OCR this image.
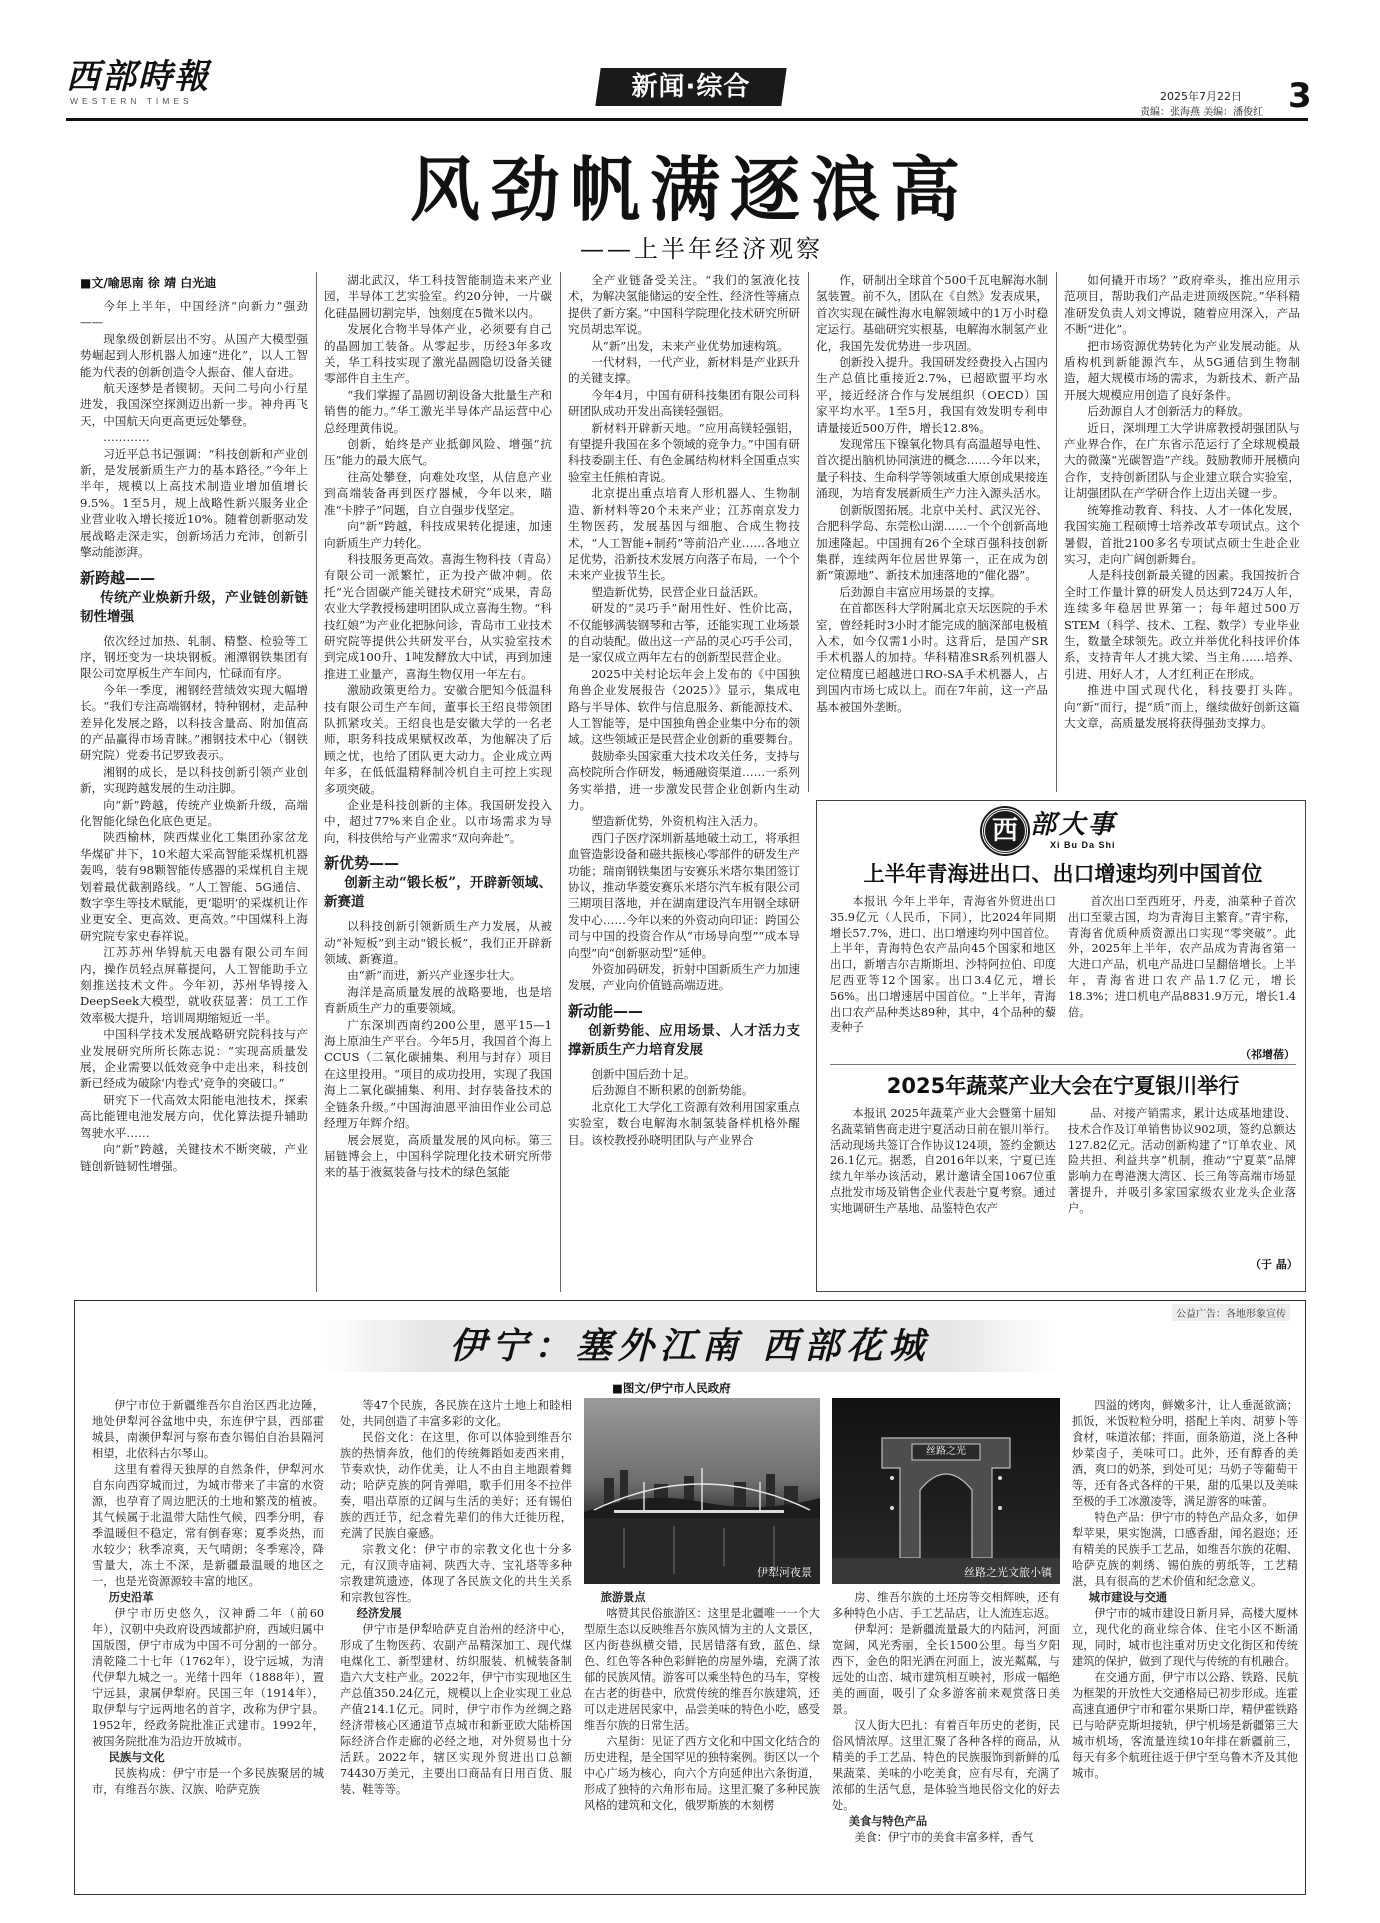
西部時報
WESTERN TIMES	新闻·综合	2025年7月22日
责编：张海燕 美编：潘俊红 3
风劲帆满逐浪高
——上半年经济观察
■文/喻思南 徐 靖 白光迪

今年上半年，中国经济“向新力”强劲——

现象级创新层出不穷。从国产大模型强势崛起到人形机器人加速“进化”，以人工智能为代表的创新创造令人振奋、催人奋进。

航天逐梦是者锲韧。天问二号向小行星进发，我国深空探测迈出新一步。神舟再飞天，中国航天向更高更远处攀登。

…………

习近平总书记强调：“科技创新和产业创新，是发展新质生产力的基本路径。”今年上半年，规模以上高技术制造业增加值增长9.5%。1至5月，规上战略性新兴服务业企业营业收入增长接近10%。随着创新驱动发展战略走深走实，创新场活力充沛，创新引擎动能澎湃。

新跨越——
传统产业焕新升级，产业链创新链韧性增强

依次经过加热、轧制、精整、检验等工序，钢坯变为一块块钢板。湘潭钢铁集团有限公司宽厚板生产车间内，忙碌而有序。

今年一季度，湘钢经营绩效实现大幅增长。“我们专注高端钢材，特种钢材，走品种差异化发展之路，以科技含量高、附加值高的产品赢得市场青睐。”湘钢技术中心（钢铁研究院）党委书记罗致表示。

湘钢的成长，是以科技创新引领产业创新，实现跨越发展的生动注脚。

向“新”跨越，传统产业焕新升级，高端化智能化绿色化底色更足。

陕西榆林，陕西煤业化工集团孙家岔龙华煤矿井下，10米超大采高智能采煤机机器轰鸣，装有98颗智能传感器的采煤机自主规划着最优截割路线。“人工智能、5G通信、数字孪生等技术赋能，更‘聪明’的采煤机让作业更安全、更高效、更高效。”中国煤科上海研究院专家史春祥说。

江苏苏州华锝航天电器有限公司车间内，操作员轻点屏幕提问，人工智能助手立刻推送技术文件。今年初，苏州华锝接入DeepSeek大模型，就收获显著：员工工作效率极大提升，培训周期缩短近一半。

中国科学技术发展战略研究院科技与产业发展研究所所长陈志说：“实现高质量发展，企业需要以低效竞争中走出来，科技创新已经成为破除‘内卷式’竞争的突破口。”

研究下一代高效太阳能电池技术，探索高比能锂电池发展方向，优化算法提升辅助驾驶水平……

向“新”跨越，关键技术不断突破，产业链创新链韧性增强。

湖北武汉，华工科技智能制造未来产业园，半导体工艺实验室。约20分钟，一片碳化硅晶圆切割完毕，蚀刻度在5微米以内。

发展化合物半导体产业，必须要有自己的晶圆加工装备。从零起步，历经3年多攻关，华工科技实现了激光晶圆隐切设备关键零部件自主生产。

“我们掌握了晶圆切割设备大批量生产和销售的能力。”华工激光半导体产品运营中心总经理黄伟说。

创新，始终是产业抵御风险、增强“抗压”能力的最大底气。

往高处攀登，向难处攻坚，从信息产业到高端装备再到医疗器械，今年以来，瞄准“卡脖子”问题，自立自强步伐坚定。

向“新”跨越，科技成果转化提速，加速向新质生产力转化。

科技服务更高效。喜海生物科技（青岛）有限公司一派繁忙，正为投产做冲刺。依托“光合固碳产能关键技术研究”成果，青岛农业大学教授杨建明团队成立喜海生物。“科技红娘”为产业化把脉问诊，青岛市工业技术研究院等提供公共研发平台，从实验室技术到完成100升、1吨发酵放大中试，再到加速推进工业量产，喜海生物仅用一年左右。

激励政策更给力。安徽合肥知今低温科技有限公司生产车间，董事长王绍良带领团队抓紧攻关。王绍良也是安徽大学的一名老师，职务科技成果赋权改革，为他解决了后顾之忧，也给了团队更大动力。企业成立两年多，在低低温精释制冷机自主可控上实现多项突破。

企业是科技创新的主体。我国研发投入中，超过77%来自企业。以市场需求为导向，科技供给与产业需求“双向奔赴”。

新优势——
创新主动“锻长板”，开辟新领域、新赛道

以科技创新引领新质生产力发展，从被动“补短板”到主动“锻长板”，我们正开辟新领域、新赛道。

由“新”而进，新兴产业逐步壮大。

海洋是高质量发展的战略要地，也是培育新质生产力的重要领域。

广东深圳西南约200公里，恩平15—1海上原油生产平台。今年5月，我国首个海上CCUS（二氧化碳捕集、利用与封存）项目在这里投用。“项目的成功投用，实现了我国海上二氧化碳捕集、利用、封存装备技术的全链条升级。”中国海油恩平油田作业公司总经理万年辉介绍。

展会展览，高质量发展的风向标。第三届链博会上，中国科学院理化技术研究所带来的基于液氦装备与技术的绿色氢能

全产业链备受关注。“我们的氢液化技术，为解决氢能储运的安全性、经济性等痛点提供了新方案。”中国科学院理化技术研究所研究员胡忠军说。

从“新”出发，未来产业优势加速构筑。

一代材料，一代产业，新材料是产业跃升的关键支撑。

今年4月，中国有研科技集团有限公司科研团队成功开发出高镁轻强铝。

新材料开辟新天地。“应用高镁轻强铝，有望提升我国在多个领域的竞争力。”中国有研科技委副主任、有色金属结构材料全国重点实验室主任熊柏青说。

北京提出重点培育人形机器人、生物制造、新材料等20个未来产业；江苏南京发力生物医药，发展基因与细胞、合成生物技术，“人工智能+制药”等前沿产业……各地立足优势，沿新技术发展方向落子布局，一个个未来产业拔节生长。

塑造新优势，民营企业日益活跃。

研发的“灵巧手”耐用性好、性价比高，不仅能够满装钢琴和古筝，还能实现工业场景的自动装配。做出这一产品的灵心巧手公司，是一家仅成立两年左右的创新型民营企业。

2025中关村论坛年会上发布的《中国独角兽企业发展报告（2025）》显示，集成电路与半导体、软件与信息服务、新能源技术、人工智能等，是中国独角兽企业集中分布的领域。这些领域正是民营企业创新的重要舞台。

鼓励牵头国家重大技术攻关任务，支持与高校院所合作研发，畅通融资渠道……一系列务实举措，进一步激发民营企业创新内生动力。

塑造新优势，外资机构注入活力。

西门子医疗深圳新基地破土动工，将承担血管造影设备和磁共振核心零部件的研发生产功能；瑞南钢铁集团与安赛乐米塔尔集团签订协议，推动华菱安赛乐米塔尔汽车板有限公司三期项目落地，并在湖南建设汽车用钢全球研发中心……今年以来的外资动向印证：跨国公司与中国的投资合作从“市场导向型”“成本导向型”向“创新驱动型”延伸。

外资加码研发，折射中国新质生产力加速发展，产业向价值链高端迈进。

新动能——
创新势能、应用场景、人才活力支撑新质生产力培育发展

创新中国后劲十足。

后劲源自不断积累的创新势能。

北京化工大学化工资源有效利用国家重点实验室，数台电解海水制氢装备样机格外醒目。该校教授孙晓明团队与产业界合

作，研制出全球首个500千瓦电解海水制氢装置。前不久，团队在《自然》发表成果，首次实现在碱性海水电解领域中的1万小时稳定运行。基础研究实根基，电解海水制氢产业化，我国先发优势进一步巩固。

创新投入提升。我国研发经费投入占国内生产总值比重接近2.7%，已超欧盟平均水平，接近经济合作与发展组织（OECD）国家平均水平。1至5月，我国有效发明专利申请量接近500万件，增长12.8%。

发现常压下镍氧化物具有高温超导电性、首次提出脑机协同演进的概念……今年以来，量子科技、生命科学等领域重大原创成果接连涌现，为培育发展新质生产力注入源头活水。

创新版图拓展。北京中关村、武汉光谷、合肥科学岛、东莞松山湖……一个个创新高地加速隆起。中国拥有26个全球百强科技创新集群，连续两年位居世界第一，正在成为创新“策源地”、新技术加速落地的“催化器”。

后劲源自丰富应用场景的支撑。

在首都医科大学附属北京天坛医院的手术室，曾经耗时3小时才能完成的脑深部电极植入术，如今仅需1小时。这背后，是国产SR手术机器人的加持。华科精准SR系列机器人定位精度已超越进口RO-SA手术机器人，占到国内市场七成以上。而在7年前，这一产品基本被国外垄断。

如何撬开市场？”政府牵头，推出应用示范项目，帮助我们产品走进顶级医院。”华科精准研发负责人刘文博说，随着应用深入，产品不断“进化”。

把市场资源优势转化为产业发展动能。从盾构机到新能源汽车，从5G通信到生物制造，超大规模市场的需求，为新技术、新产品开展大规模应用创造了良好条件。

后劲源自人才创新活力的释放。

近日，深圳理工大学讲席教授胡强团队与产业界合作，在广东省示范运行了全球规模最大的微藻“光碳智造”产线。鼓励教师开展横向合作，支持创新团队与企业建立联合实验室，让胡强团队在产学研合作上迈出关键一步。

统筹推动教育、科技、人才一体化发展，我国实施工程硕博士培养改革专项试点。这个暑假，首批2100多名专项试点硕士生赴企业实习，走向广阔创新舞台。

人是科技创新最关键的因素。我国按折合全时工作量计算的研发人员达到724万人年，连续多年稳居世界第一；每年超过500万STEM（科学、技术、工程、数学）专业毕业生，数量全球领先。政立并举优化科技评价体系，支持青年人才挑大梁、当主角……培养、引进、用好人才，人才红利正在形成。

推进中国式现代化，科技要打头阵。向“新”而行，提“质”而上，继续做好创新这篇大文章，高质量发展将获得强劲支撑力。

西 部大事
Xi Bu Da Shi
上半年青海进出口、出口增速均列中国首位

本报讯 今年上半年，青海省外贸进出口35.9亿元（人民币，下同），比2024年同期增长57.7%，进口、出口增速均列中国首位。上半年，青海特色农产品向45个国家和地区出口，新增吉尔吉斯斯坦、沙特阿拉伯、印度尼西亚等12个国家。出口3.4亿元，增长56%。出口增速居中国首位。“上半年，青海出口农产品种类达89种，其中，4个品种的藜麦种子

首次出口至西班牙，丹麦，油菜种子首次出口至蒙古国，均为青海目主繁育。”青宇称，青海省优质种质资源出口实现“零突破”。此外，2025年上半年，农产品成为青海省第一大进口产品，机电产品进口呈翻倍增长。上半年，青海省进口农产品1.7亿元，增长18.3%；进口机电产品8831.9万元，增长1.4倍。

（祁增蓓）
2025年蔬菜产业大会在宁夏银川举行

本报讯 2025年蔬菜产业大会暨第十届知名蔬菜销售商走进宁夏活动日前在银川举行。活动现场共签订合作协议124项，签约金额达26.1亿元。据悉，自2016年以来，宁夏已连续九年举办该活动，累计邀请全国1067位重点批发市场及销售企业代表赴宁夏考察。通过实地调研生产基地、品鉴特色农产

品、对接产销需求，累计达成基地建设、技术合作及订单销售协议902项，签约总额达127.82亿元。活动创新构建了“订单农业、风险共担、利益共享”机制，推动“宁夏菜”品牌影响力在粤港澳大湾区、长三角等高端市场显著提升，并吸引多家国家级农业龙头企业落户。

（于 晶）
公益广告：各地形象宣传
伊宁：塞外江南 西部花城
■图文/伊宁市人民政府

伊宁市位于新疆维吾尔自治区西北边陲，地处伊犁河谷盆地中央，东连伊宁县，西部霍城县，南濒伊犁河与察布查尔锡伯自治县隔河相望，北依科古尔琴山。

这里有着得天独厚的自然条件，伊犁河水自东向西穿城而过，为城市带来了丰富的水资源，也孕育了周边肥沃的土地和繁茂的植被。其气候属于北温带大陆性气候，四季分明，春季温暖但不稳定，常有倒春寒；夏季炎热，而水较少；秋季凉爽，天气晴朗；冬季寒冷，降雪量大，冻土不深，是新疆最温暖的地区之一，也是光资源源较丰富的地区。

历史沿革

伊宁市历史悠久，汉神爵二年（前60年），汉朝中央政府设西域都护府，西域归属中国版图，伊宁市成为中国不可分割的一部分。清乾隆二十七年（1762年），设宁远城，为清代伊犁九城之一。光绪十四年（1888年），置宁远县，隶属伊犁府。民国三年（1914年），取伊犁与宁远两地名的首字，改称为伊宁县。1952年，经政务院批准正式建市。1992年，被国务院批准为沿边开放城市。

民族与文化

民族构成：伊宁市是一个多民族聚居的城市，有维吾尔族、汉族、哈萨克族

等47个民族，各民族在这片土地上和睦相处，共同创造了丰富多彩的文化。

民俗文化：在这里，你可以体验到维吾尔族的热情奔放，他们的传统舞蹈如麦西来甫，节奏欢快，动作优美，让人不由自主地跟着舞动；哈萨克族的阿肯弹唱，歌手们用冬不拉伴奏，唱出草原的辽阔与生活的美好；还有锡伯族的西迁节，纪念着先辈们的伟大迁徙历程，充满了民族自豪感。

宗教文化：伊宁市的宗教文化也十分多元，有汉顶寺庙祠、陕西大寺、宝礼塔等多种宗教建筑遗迹，体现了各民族文化的共生关系和宗教包容性。

经济发展

伊宁市是伊犁哈萨克自治州的经济中心，形成了生物医药、农副产品精深加工、现代煤电煤化工、新型建材、纺织服装、机械装备制造六大支柱产业。2022年，伊宁市实现地区生产总值350.24亿元，规模以上企业实现工业总产值214.1亿元。同时，伊宁市作为丝绸之路经济带核心区通道节点城市和新亚欧大陆桥国际经济合作走廊的必经之地，对外贸易也十分活跃。2022年，辖区实现外贸进出口总额74430万美元，主要出口商品有日用百货、服装、鞋等等。

伊犁河夜景
丝路之光
丝路之光文旅小镇
旅游景点

喀赞其民俗旅游区：这里是北疆唯一一个大型原生态以反映维吾尔族风情为主的人文景区，区内街巷纵横交错，民居错落有致，蓝色、绿色、红色等各种色彩鲜艳的房屋外墙，充满了浓郁的民族风情。游客可以乘坐特色的马车，穿梭在古老的街巷中，欣赏传统的维吾尔族建筑，还可以走进居民家中，品尝美味的特色小吃，感受维吾尔族的日常生活。

六星街：见证了西方文化和中国文化结合的历史进程，是全国罕见的独特案例。街区以一个中心广场为核心，向六个方向延伸出六条街道，形成了独特的六角形布局。这里汇聚了多种民族风格的建筑和文化，俄罗斯族的木刻楞

房、维吾尔族的土坯房等交相辉映，还有多种特色小店、手工艺品店，让人流连忘返。

伊犁河：是新疆流量最大的内陆河，河面宽阔，风光秀丽，全长1500公里。每当夕阳西下，金色的阳光洒在河面上，波光粼粼，与远处的山峦、城市建筑相互映衬，形成一幅绝美的画面，吸引了众多游客前来观赏落日美景。

汉人街大巴扎：有着百年历史的老街，民俗风情浓厚。这里汇聚了各种各样的商品，从精美的手工艺品、特色的民族服饰到新鲜的瓜果蔬菜、美味的小吃美食，应有尽有，充满了浓郁的生活气息，是体验当地民俗文化的好去处。

美食与特色产品

美食：伊宁市的美食丰富多样，香气

四溢的烤肉，鲜嫩多汁，让人垂涎欲滴；抓饭，米饭粒粒分明，搭配上羊肉、胡萝卜等食材，味道浓郁；拌面，面条筋道，浇上各种炒菜卤子，美味可口。此外，还有醇香的美酒，爽口的奶茶，到处可见；马奶子等葡萄干等，还有各式各样的干果，甜的瓜果以及美味至极的手工冰激凌等，满足游客的味蕾。

特色产品：伊宁市的特色产品众多，如伊犁苹果，果实饱满，口感香甜，闻名遐迩；还有精美的民族手工艺品，如维吾尔族的花帽、哈萨克族的刺绣、锡伯族的剪纸等，工艺精湛，具有很高的艺术价值和纪念意义。

城市建设与交通

伊宁市的城市建设日新月异，高楼大厦林立，现代化的商业综合体、住宅小区不断涌现，同时，城市也注重对历史文化街区和传统建筑的保护，做到了现代与传统的有机融合。

在交通方面，伊宁市以公路、铁路、民航为框架的开放性大交通格局已初步形成。连霍高速直通伊宁市和霍尔果斯口岸，精伊霍铁路已与哈萨克斯坦接轨，伊宁机场是新疆第三大城市机场，客流量连续10年排在新疆前三，每天有多个航班往返于伊宁至乌鲁木齐及其他城市。
